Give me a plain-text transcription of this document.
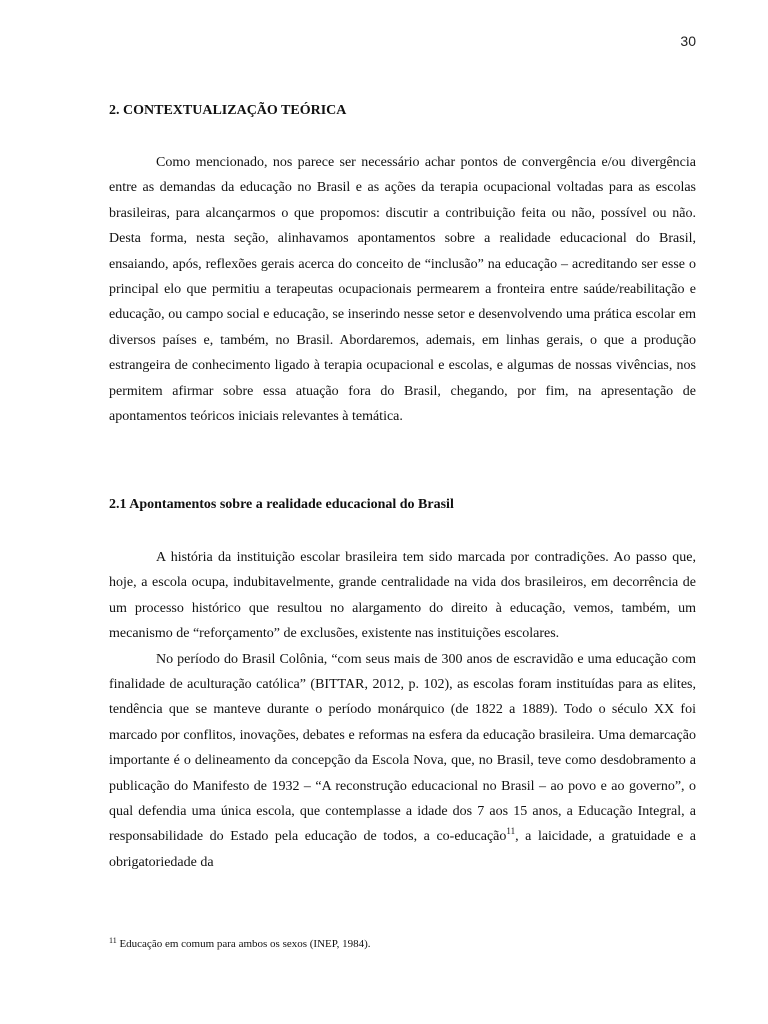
30
2. CONTEXTUALIZAÇÃO TEÓRICA

Como mencionado, nos parece ser necessário achar pontos de convergência e/ou divergência entre as demandas da educação no Brasil e as ações da terapia ocupacional voltadas para as escolas brasileiras, para alcançarmos o que propomos: discutir a contribuição feita ou não, possível ou não. Desta forma, nesta seção, alinhavamos apontamentos sobre a realidade educacional do Brasil, ensaiando, após, reflexões gerais acerca do conceito de “inclusão” na educação – acreditando ser esse o principal elo que permitiu a terapeutas ocupacionais permearem a fronteira entre saúde/reabilitação e educação, ou campo social e educação, se inserindo nesse setor e desenvolvendo uma prática escolar em diversos países e, também, no Brasil. Abordaremos, ademais, em linhas gerais, o que a produção estrangeira de conhecimento ligado à terapia ocupacional e escolas, e algumas de nossas vivências, nos permitem afirmar sobre essa atuação fora do Brasil, chegando, por fim, na apresentação de apontamentos teóricos iniciais relevantes à temática.

2.1 Apontamentos sobre a realidade educacional do Brasil

A história da instituição escolar brasileira tem sido marcada por contradições. Ao passo que, hoje, a escola ocupa, indubitavelmente, grande centralidade na vida dos brasileiros, em decorrência de um processo histórico que resultou no alargamento do direito à educação, vemos, também, um mecanismo de “reforçamento” de exclusões, existente nas instituições escolares.

No período do Brasil Colônia, “com seus mais de 300 anos de escravidão e uma educação com finalidade de aculturação católica” (BITTAR, 2012, p. 102), as escolas foram instituídas para as elites, tendência que se manteve durante o período monárquico (de 1822 a 1889). Todo o século XX foi marcado por conflitos, inovações, debates e reformas na esfera da educação brasileira. Uma demarcação importante é o delineamento da concepção da Escola Nova, que, no Brasil, teve como desdobramento a publicação do Manifesto de 1932 – “A reconstrução educacional no Brasil – ao povo e ao governo”, o qual defendia uma única escola, que contemplasse a idade dos 7 aos 15 anos, a Educação Integral, a responsabilidade do Estado pela educação de todos, a co-educação$^{11}$, a laicidade, a gratuidade e a obrigatoriedade da

$^{11}$ Educação em comum para ambos os sexos (INEP, 1984).
